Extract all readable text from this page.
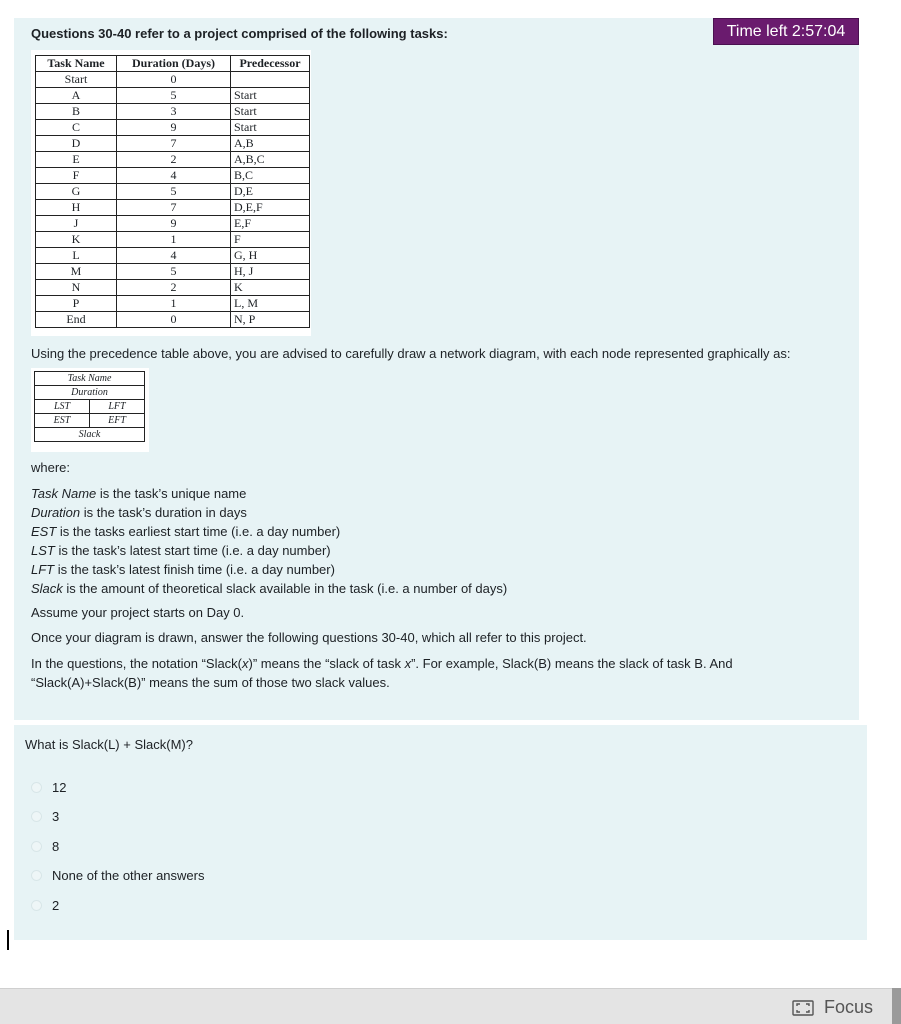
Time left 2:57:04
Questions 30-40 refer to a project comprised of the following tasks:
Task Name	Duration (Days)	Predecessor
Start	0	
A	5	Start
B	3	Start
C	9	Start
D	7	A,B
E	2	A,B,C
F	4	B,C
G	5	D,E
H	7	D,E,F
J	9	E,F
K	1	F
L	4	G, H
M	5	H, J
N	2	K
P	1	L, M
End	0	N, P
Using the precedence table above, you are advised to carefully draw a network diagram, with each node represented graphically as:
Task Name	
Duration	
LST	LFT
EST	EFT
Slack	
where:
Task Name is the task’s unique name
Duration is the task’s duration in days
EST is the tasks earliest start time (i.e. a day number)
LST is the task’s latest start time (i.e. a day number)
LFT is the task’s latest finish time (i.e. a day number)
Slack is the amount of theoretical slack available in the task (i.e. a number of days)
Assume your project starts on Day 0.
Once your diagram is drawn, answer the following questions 30-40, which all refer to this project.
In the questions, the notation “Slack(x)” means the “slack of task x”. For example, Slack(B) means the slack of task B. And
“Slack(A)+Slack(B)” means the sum of those two slack values.
What is Slack(L) + Slack(M)?
12
3
8
None of the other answers
2
Focus
